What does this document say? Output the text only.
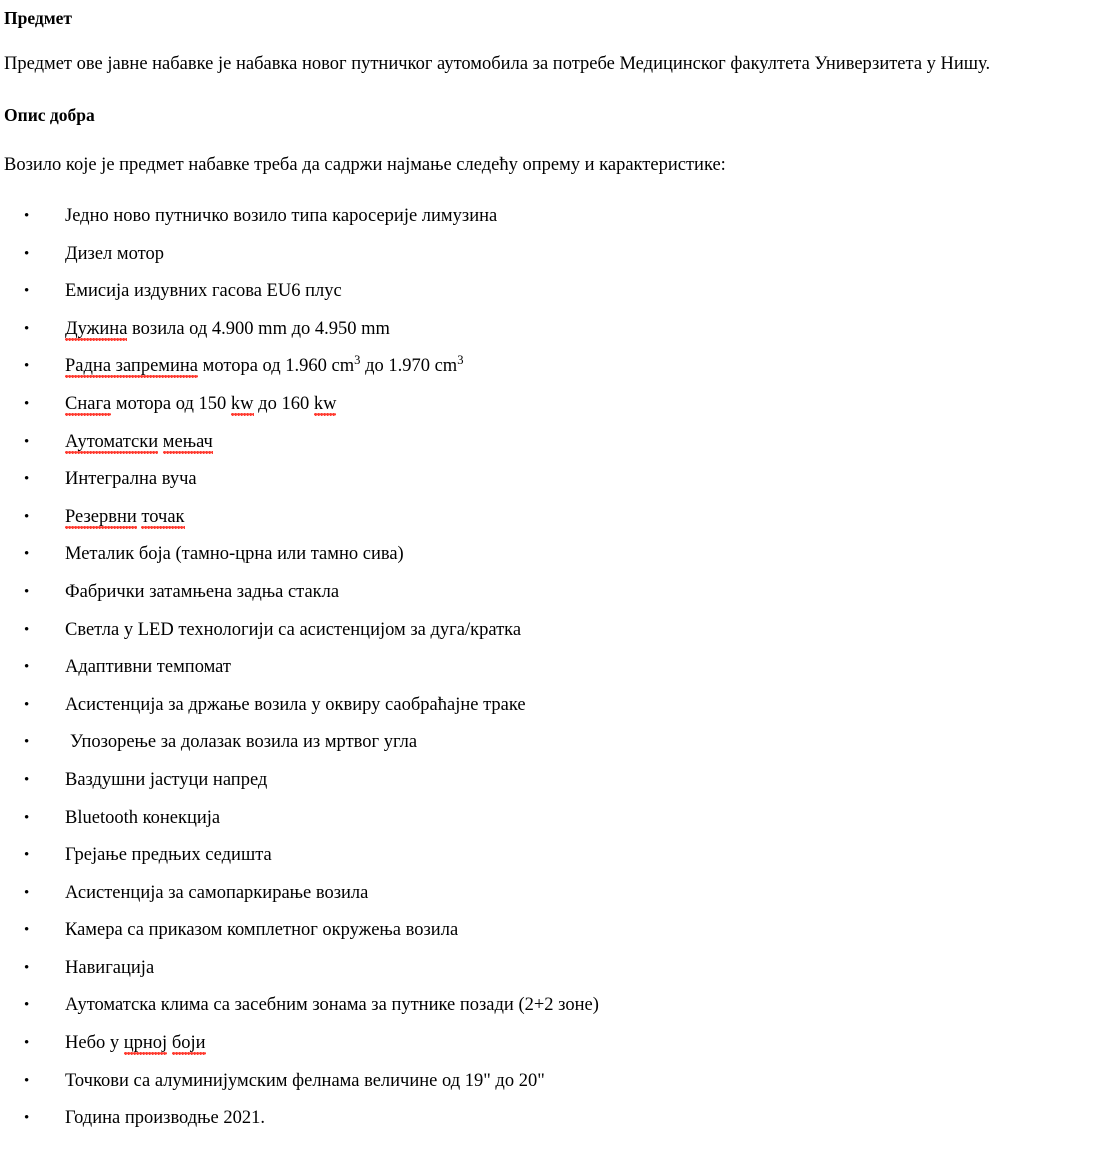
Предмет

Предмет ове јавне набавке је набавка новог путничког аутомобила за потребе Медицинског факултета Универзитета у Нишу.

Опис добра

Возило које је предмет набавке треба да садржи најмање следећу опрему и карактеристике:

• Једно ново путничко возило типа каросерије лимузина
• Дизел мотор
• Емисија издувних гасова EU6 плус
• Дужина возила од 4.900 mm до 4.950 mm
• Радна запремина мотора од 1.960 $cm^3$ до 1.970 $cm^3$
• Снага мотора од 150 kw до 160 kw
• Аутоматски мењач
• Интегрална вуча
• Резервни точак
• Металик боја (тамно-црна или тамно сива)
• Фабрички затамњена задња стакла
• Светла у LED технологији са асистенцијом за дуга/кратка
• Адаптивни темпомат
• Асистенција за држање возила у оквиру саобраћајне траке
• Упозорење за долазак возила из мртвог угла
• Ваздушни јастуци напред
• Bluetooth конекција
• Грејање предњих седишта
• Асистенција за самопаркирање возила
• Камера са приказом комплетног окружења возила
• Навигација
• Аутоматска клима са засебним зонама за путнике позади (2+2 зоне)
• Небо у црној боји
• Точкови са алуминијумским фелнама величине од 19" до 20"
• Година производње 2021.
